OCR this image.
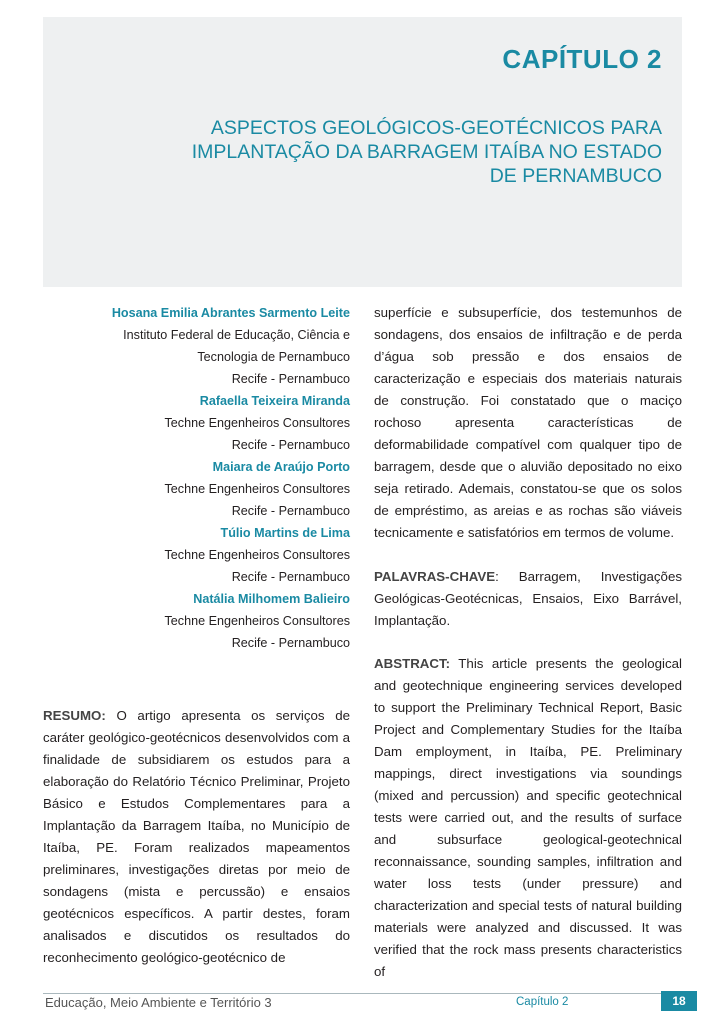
CAPÍTULO 2
ASPECTOS GEOLÓGICOS-GEOTÉCNICOS PARA
IMPLANTAÇÃO DA BARRAGEM ITAÍBA NO ESTADO
DE PERNAMBUCO
Hosana Emilia Abrantes Sarmento Leite
Instituto Federal de Educação, Ciência e
Tecnologia de Pernambuco
Recife - Pernambuco
Rafaella Teixeira Miranda
Techne Engenheiros Consultores
Recife - Pernambuco
Maiara de Araújo Porto
Techne Engenheiros Consultores
Recife - Pernambuco
Túlio Martins de Lima
Techne Engenheiros Consultores
Recife - Pernambuco
Natália Milhomem Balieiro
Techne Engenheiros Consultores
Recife - Pernambuco
RESUMO: O artigo apresenta os serviços de caráter geológico-geotécnicos desenvolvidos com a finalidade de subsidiarem os estudos para a elaboração do Relatório Técnico Preliminar, Projeto Básico e Estudos Complementares para a Implantação da Barragem Itaíba, no Município de Itaíba, PE. Foram realizados mapeamentos preliminares, investigações diretas por meio de sondagens (mista e percussão) e ensaios geotécnicos específicos. A partir destes, foram analisados e discutidos os resultados do reconhecimento geológico-geotécnico de
superfície e subsuperfície, dos testemunhos de sondagens, dos ensaios de infiltração e de perda d’água sob pressão e dos ensaios de caracterização e especiais dos materiais naturais de construção. Foi constatado que o maciço rochoso apresenta características de deformabilidade compatível com qualquer tipo de barragem, desde que o aluvião depositado no eixo seja retirado. Ademais, constatou-se que os solos de empréstimo, as areias e as rochas são viáveis tecnicamente e satisfatórios em termos de volume.
PALAVRAS-CHAVE: Barragem, Investigações Geológicas-Geotécnicas, Ensaios, Eixo Barrável, Implantação.
ABSTRACT: This article presents the geological and geotechnique engineering services developed to support the Preliminary Technical Report, Basic Project and Complementary Studies for the Itaíba Dam employment, in Itaíba, PE. Preliminary mappings, direct investigations via soundings (mixed and percussion) and specific geotechnical tests were carried out, and the results of surface and subsurface geological-geotechnical reconnaissance, sounding samples, infiltration and water loss tests (under pressure) and characterization and special tests of natural building materials were analyzed and discussed. It was verified that the rock mass presents characteristics of
Educação, Meio Ambiente e Território 3	Capítulo 2	18
